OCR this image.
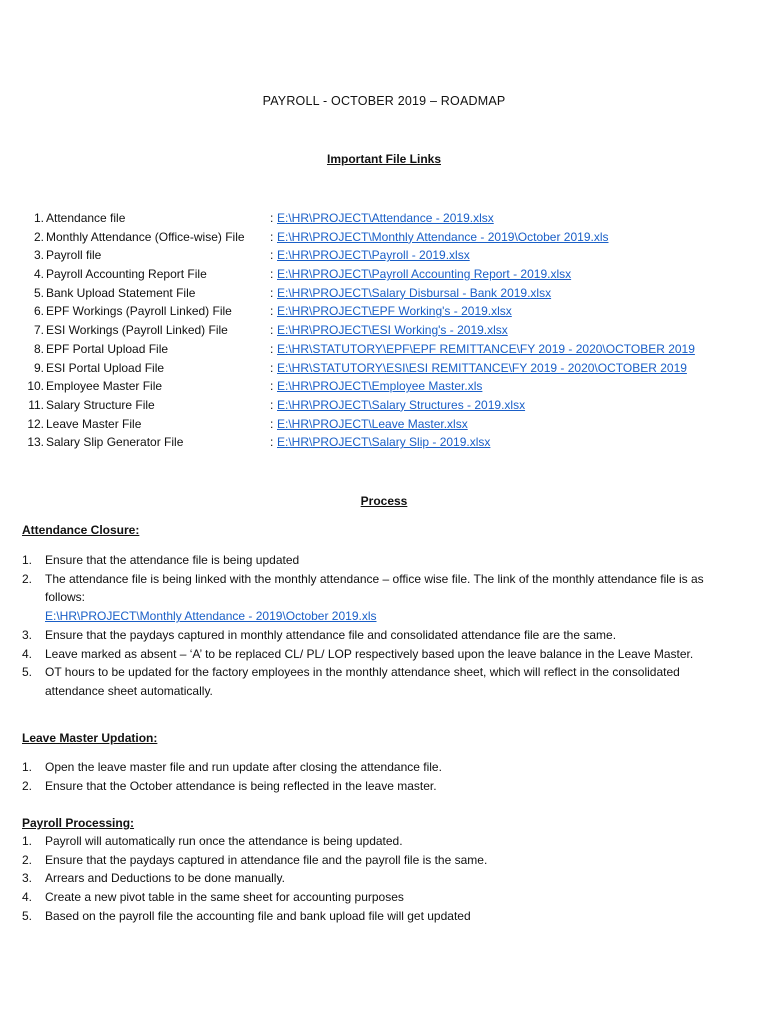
PAYROLL - OCTOBER 2019 – ROADMAP
Important File Links
1. Attendance file	: E:\HR\PROJECT\Attendance - 2019.xlsx
2. Monthly Attendance (Office-wise) File : E:\HR\PROJECT\Monthly Attendance - 2019\October 2019.xls
3. Payroll file	: E:\HR\PROJECT\Payroll - 2019.xlsx
4. Payroll Accounting Report File	: E:\HR\PROJECT\Payroll Accounting Report - 2019.xlsx
5. Bank Upload Statement File	: E:\HR\PROJECT\Salary Disbursal - Bank 2019.xlsx
6. EPF Workings (Payroll Linked) File	: E:\HR\PROJECT\EPF Working's - 2019.xlsx
7. ESI Workings (Payroll Linked) File	: E:\HR\PROJECT\ESI Working's - 2019.xlsx
8. EPF Portal Upload File	: E:\HR\STATUTORY\EPF\EPF REMITTANCE\FY 2019 - 2020\OCTOBER 2019
9. ESI Portal Upload File	: E:\HR\STATUTORY\ESI\ESI REMITTANCE\FY 2019 - 2020\OCTOBER 2019
10. Employee Master File	: E:\HR\PROJECT\Employee Master.xls
11. Salary Structure File	: E:\HR\PROJECT\Salary Structures - 2019.xlsx
12. Leave Master File	: E:\HR\PROJECT\Leave Master.xlsx
13. Salary Slip Generator File	: E:\HR\PROJECT\Salary Slip - 2019.xlsx
Process
Attendance Closure:
1. Ensure that the attendance file is being updated
2. The attendance file is being linked with the monthly attendance – office wise file. The link of the monthly attendance file is as follows:
E:\HR\PROJECT\Monthly Attendance - 2019\October 2019.xls
3. Ensure that the paydays captured in monthly attendance file and consolidated attendance file are the same.
4. Leave marked as absent – ‘A’ to be replaced CL/ PL/ LOP respectively based upon the leave balance in the Leave Master.
5. OT hours to be updated for the factory employees in the monthly attendance sheet, which will reflect in the consolidated attendance sheet automatically.
Leave Master Updation:
1. Open the leave master file and run update after closing the attendance file.
2. Ensure that the October attendance is being reflected in the leave master.
Payroll Processing:
1. Payroll will automatically run once the attendance is being updated.
2. Ensure that the paydays captured in attendance file and the payroll file is the same.
3. Arrears and Deductions to be done manually.
4. Create a new pivot table in the same sheet for accounting purposes
5. Based on the payroll file the accounting file and bank upload file will get updated
